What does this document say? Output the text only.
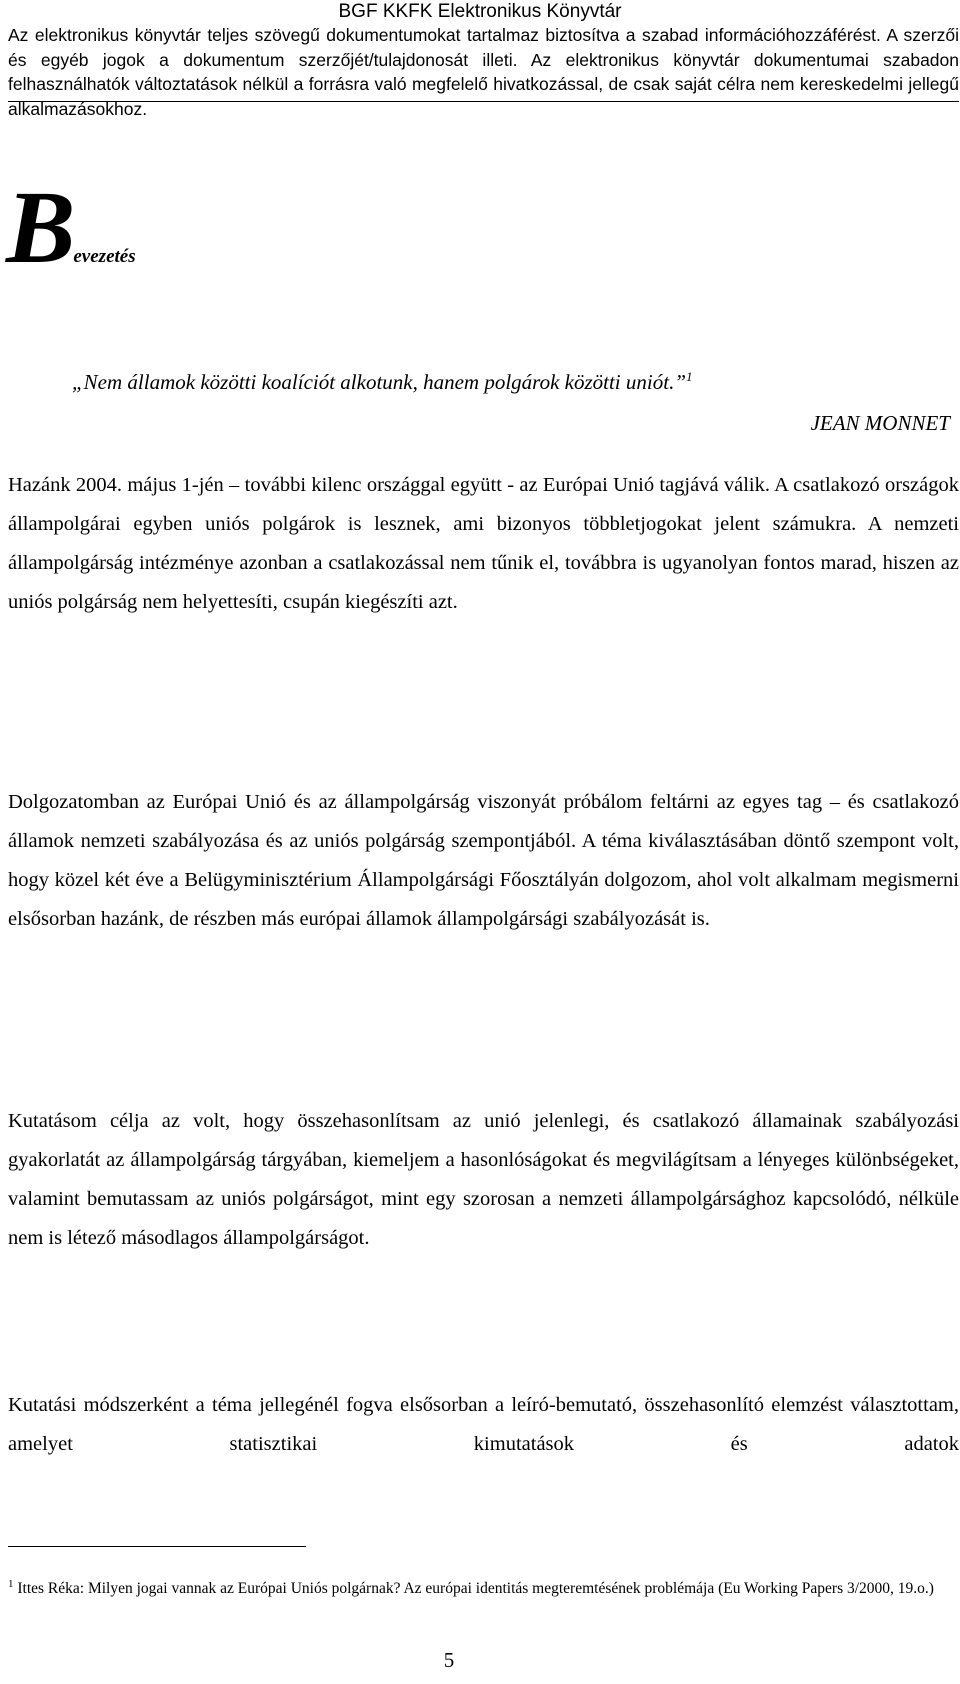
BGF KKFK Elektronikus Könyvtár
Az elektronikus könyvtár teljes szövegű dokumentumokat tartalmaz biztosítva a szabad információhozzáférést. A szerzői és egyéb jogok a dokumentum szerzőjét/tulajdonosát illeti. Az elektronikus könyvtár dokumentumai szabadon felhasználhatók változtatások nélkül a forrásra való megfelelő hivatkozással, de csak saját célra nem kereskedelmi jellegű alkalmazásokhoz.
Bevezetés
„Nem államok közötti koalíciót alkotunk, hanem polgárok közötti uniót.”$^1$
JEAN MONNET

Hazánk 2004. május 1-jén – további kilenc országgal együtt - az Európai Unió tagjává válik. A csatlakozó országok állampolgárai egyben uniós polgárok is lesznek, ami bizonyos többletjogokat jelent számukra. A nemzeti állampolgárság intézménye azonban a csatlakozással nem tűnik el, továbbra is ugyanolyan fontos marad, hiszen az uniós polgárság nem helyettesíti, csupán kiegészíti azt.

Dolgozatomban az Európai Unió és az állampolgárság viszonyát próbálom feltárni az egyes tag – és csatlakozó államok nemzeti szabályozása és az uniós polgárság szempontjából. A téma kiválasztásában döntő szempont volt, hogy közel két éve a Belügyminisztérium Állampolgársági Főosztályán dolgozom, ahol volt alkalmam megismerni elsősorban hazánk, de részben más európai államok állampolgársági szabályozását is.

Kutatásom célja az volt, hogy összehasonlítsam az unió jelenlegi, és csatlakozó államainak szabályozási gyakorlatát az állampolgárság tárgyában, kiemeljem a hasonlóságokat és megvilágítsam a lényeges különbségeket, valamint bemutassam az uniós polgárságot, mint egy szorosan a nemzeti állampolgársághoz kapcsolódó, nélküle nem is létező másodlagos állampolgárságot.

Kutatási módszerként a téma jellegénél fogva elsősorban a leíró-bemutató, összehasonlító elemzést választottam, amelyet statisztikai kimutatások és adatok

$^1$ Ittes Réka: Milyen jogai vannak az Európai Uniós polgárnak? Az európai identitás megteremtésének problémája (Eu Working Papers 3/2000, 19.o.)

5
